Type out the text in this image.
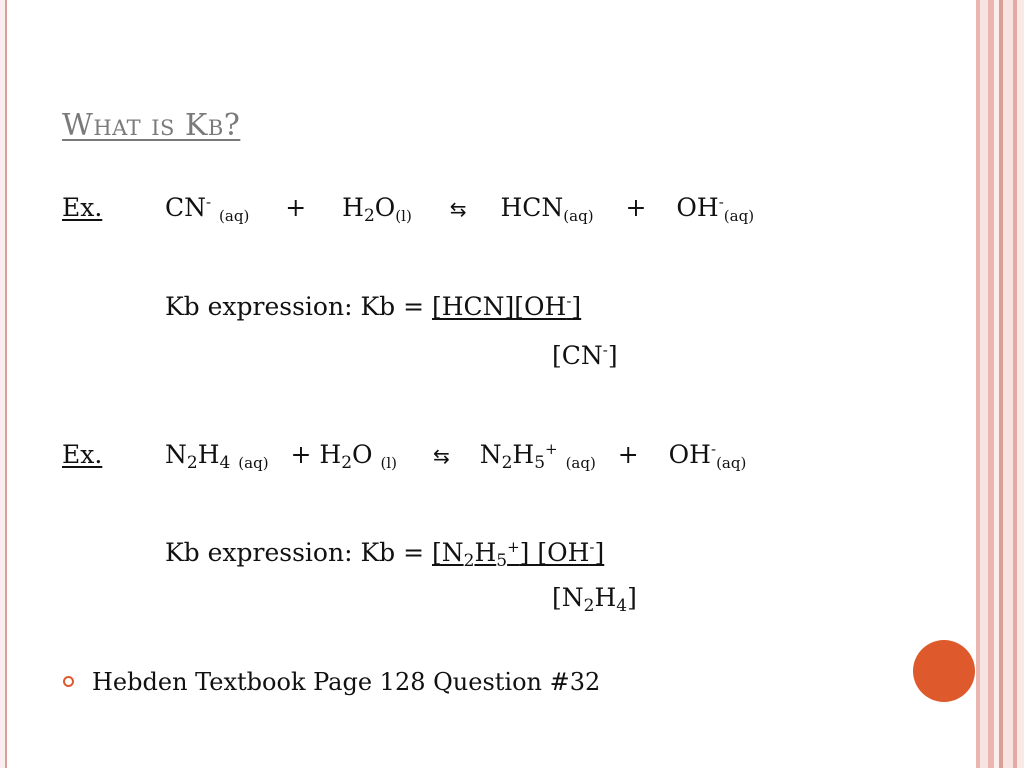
What is Kb?
Ex.	CN- $_{(aq)} + H_2O_{(l)}$ ⇆ $HCN_{(aq)} + OH^-_{(aq)}$
Kb expression: Kb = [HCN][OH-]
[CN-]
Ex.	$N_2H_4$ $_{(aq)} + H_2O$ $_{(l)}$ ⇆ $N_2H_5^+$ $_{(aq)} + OH^-_{(aq)}$
Kb expression: $Kb = [N_2H_5^+]$ [OH-]
$[N_2H_4]$
Hebden Textbook Page 128 Question #32
